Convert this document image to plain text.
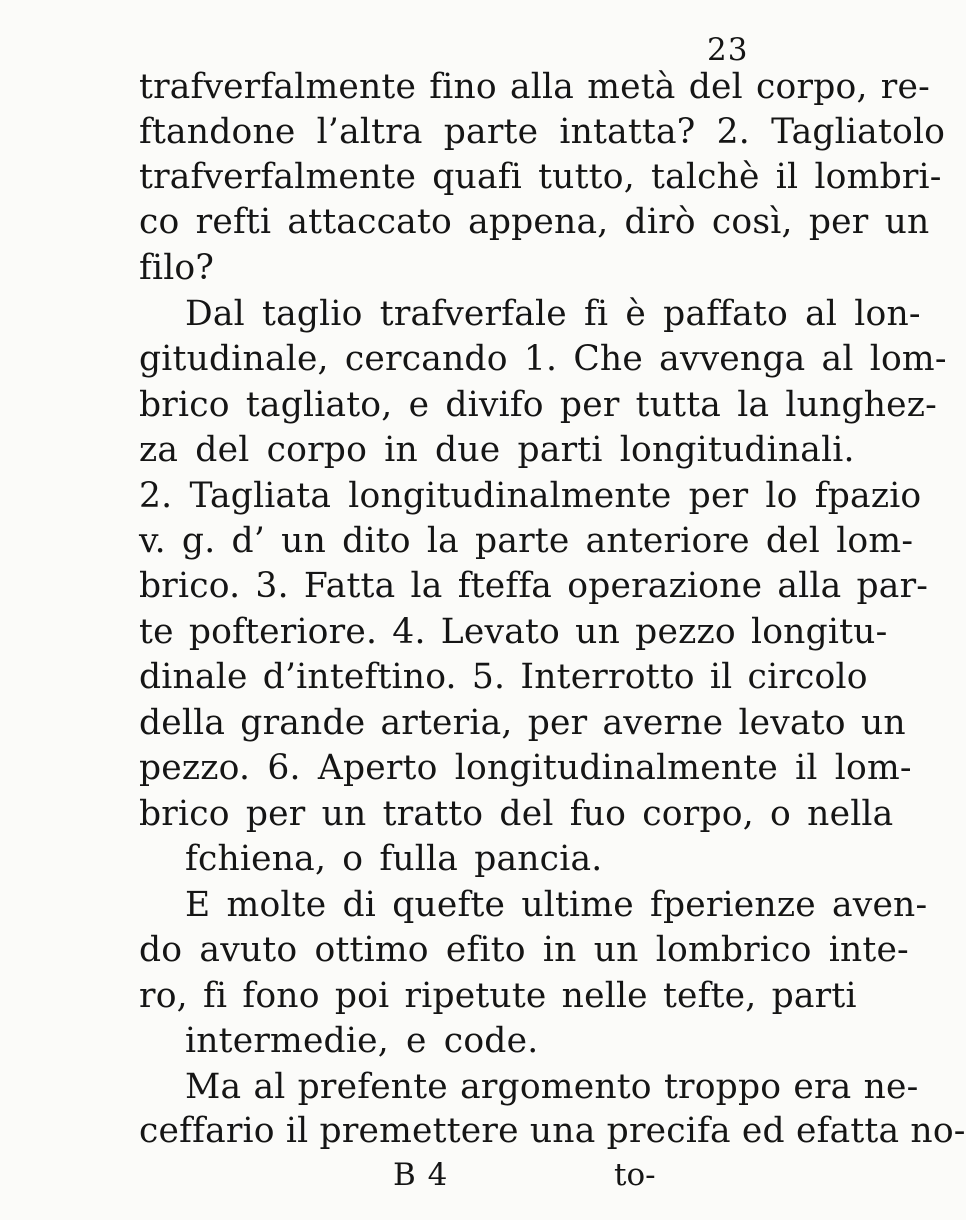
23
trafverfalmente fino alla metà del corpo, re-
ftandone l’altra parte intatta? 2. Tagliatolo
trafverfalmente quafi tutto, talchè il lombri-
co refti attaccato appena, dirò così, per un
filo?
Dal taglio trafverfale fi è paffato al lon-
gitudinale, cercando 1. Che avvenga al lom-
brico tagliato, e divifo per tutta la lunghez-
za del corpo in due parti longitudinali.
2. Tagliata longitudinalmente per lo fpazio
v. g. d’ un dito la parte anteriore del lom-
brico. 3. Fatta la fteffa operazione alla par-
te pofteriore. 4. Levato un pezzo longitu-
dinale d’inteftino. 5. Interrotto il circolo
della grande arteria, per averne levato un
pezzo. 6. Aperto longitudinalmente il lom-
brico per un tratto del fuo corpo, o nella
fchiena, o fulla pancia.
E molte di quefte ultime fperienze aven-
do avuto ottimo efito in un lombrico inte-
ro, fi fono poi ripetute nelle tefte, parti
intermedie, e code.
Ma al prefente argomento troppo era ne-
ceffario il premettere una precifa ed efatta no-
B 4	to-
